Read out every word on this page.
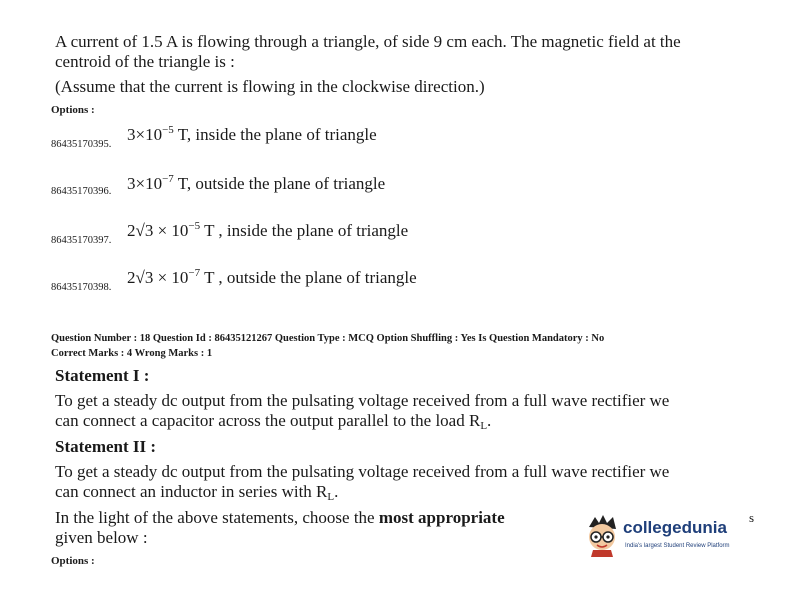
A current of 1.5 A is flowing through a triangle, of side 9 cm each. The magnetic field at the
centroid of the triangle is :
(Assume that the current is flowing in the clockwise direction.)
Options :
86435170395.
$3\times 10^{-5}$ T, inside the plane of triangle
86435170396. $3\times 10^{-7}$ T, outside the plane of triangle
86435170397.
$2√3 \times 10^{-5}$ T , inside the plane of triangle
86435170398.
$2√3 \times 10^{-7}$ T , outside the plane of triangle
Question Number : 18 Question Id : 86435121267 Question Type : MCQ Option Shuffling : Yes Is Question Mandatory : No
Correct Marks : 4 Wrong Marks : 1
Statement I :
To get a steady dc output from the pulsating voltage received from a full wave rectifier we
can connect a capacitor across the output parallel to the load $R_L$.
Statement II :
To get a steady dc output from the pulsating voltage received from a full wave rectifier we
can connect an inductor in series with $R_L$.
In the light of the above statements, choose the most appropriate	s
given below :
Options :
collegedunia
India's largest Student Review Platform
